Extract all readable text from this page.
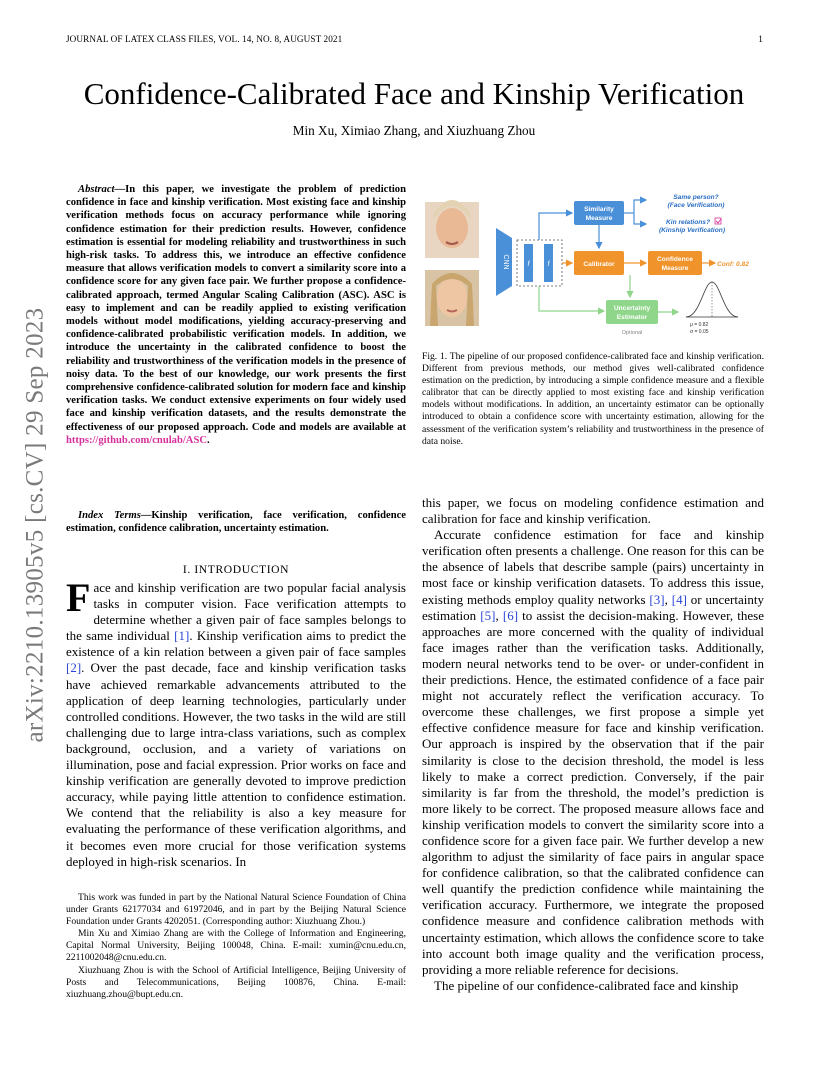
JOURNAL OF LATEX CLASS FILES, VOL. 14, NO. 8, AUGUST 2021	1
Confidence-Calibrated Face and Kinship Verification
Min Xu, Ximiao Zhang, and Xiuzhuang Zhou
arXiv:2210.13905v5 [cs.CV] 29 Sep 2023
Abstract—In this paper, we investigate the problem of prediction confidence in face and kinship verification. Most existing face and kinship verification methods focus on accuracy performance while ignoring confidence estimation for their prediction results. However, confidence estimation is essential for modeling reliability and trustworthiness in such high-risk tasks. To address this, we introduce an effective confidence measure that allows verification models to convert a similarity score into a confidence score for any given face pair. We further propose a confidence-calibrated approach, termed Angular Scaling Calibration (ASC). ASC is easy to implement and can be readily applied to existing verification models without model modifications, yielding accuracy-preserving and confidence-calibrated probabilistic verification models. In addition, we introduce the uncertainty in the calibrated confidence to boost the reliability and trustworthiness of the verification models in the presence of noisy data. To the best of our knowledge, our work presents the first comprehensive confidence-calibrated solution for modern face and kinship verification tasks. We conduct extensive experiments on four widely used face and kinship verification datasets, and the results demonstrate the effectiveness of our proposed approach. Code and models are available at https://github.com/cnulab/ASC.
Index Terms—Kinship verification, face verification, confidence estimation, confidence calibration, uncertainty estimation.
I. INTRODUCTION
Face and kinship verification are two popular facial analysis tasks in computer vision. Face verification attempts to determine whether a given pair of face samples belongs to the same individual [1]. Kinship verification aims to predict the existence of a kin relation between a given pair of face samples [2]. Over the past decade, face and kinship verification tasks have achieved remarkable advancements attributed to the application of deep learning technologies, particularly under controlled conditions. However, the two tasks in the wild are still challenging due to large intra-class variations, such as complex background, occlusion, and a variety of variations on illumination, pose and facial expression. Prior works on face and kinship verification are generally devoted to improve prediction accuracy, while paying little attention to confidence estimation. We contend that the reliability is also a key measure for evaluating the performance of these verification algorithms, and it becomes even more crucial for those verification systems deployed in high-risk scenarios. In

This work was funded in part by the National Natural Science Foundation of China under Grants 62177034 and 61972046, and in part by the Beijing Natural Science Foundation under Grants 4202051. (Corresponding author: Xiuzhuang Zhou.)

Min Xu and Ximiao Zhang are with the College of Information and Engineering, Capital Normal University, Beijing 100048, China. E-mail: xumin@cnu.edu.cn, 2211002048@cnu.edu.cn.

Xiuzhuang Zhou is with the School of Artificial Intelligence, Beijing University of Posts and Telecommunications, Beijing 100876, China. E-mail: xiuzhuang.zhou@bupt.edu.cn.

CNN	f	f
Similarity
Measure
Same person?
(Face Verification)
Kin relations?
(Kinship Verification)
Calibrator
Confidence
Measure
Conf: 0.82
Uncertainty
Estimator
Optional
μ = 0.82
σ = 0.05
Fig. 1. The pipeline of our proposed confidence-calibrated face and kinship verification. Different from previous methods, our method gives well-calibrated confidence estimation on the prediction, by introducing a simple confidence measure and a flexible calibrator that can be directly applied to most existing face and kinship verification models without modifications. In addition, an uncertainty estimator can be optionally introduced to obtain a confidence score with uncertainty estimation, allowing for the assessment of the verification system’s reliability and trustworthiness in the presence of data noise.

this paper, we focus on modeling confidence estimation and calibration for face and kinship verification.

Accurate confidence estimation for face and kinship verification often presents a challenge. One reason for this can be the absence of labels that describe sample (pairs) uncertainty in most face or kinship verification datasets. To address this issue, existing methods employ quality networks [3], [4] or uncertainty estimation [5], [6] to assist the decision-making. However, these approaches are more concerned with the quality of individual face images rather than the verification tasks. Additionally, modern neural networks tend to be over- or under-confident in their predictions. Hence, the estimated confidence of a face pair might not accurately reflect the verification accuracy. To overcome these challenges, we first propose a simple yet effective confidence measure for face and kinship verification. Our approach is inspired by the observation that if the pair similarity is close to the decision threshold, the model is less likely to make a correct prediction. Conversely, if the pair similarity is far from the threshold, the model’s prediction is more likely to be correct. The proposed measure allows face and kinship verification models to convert the similarity score into a confidence score for a given face pair. We further develop a new algorithm to adjust the similarity of face pairs in angular space for confidence calibration, so that the calibrated confidence can well quantify the prediction confidence while maintaining the verification accuracy. Furthermore, we integrate the proposed confidence measure and confidence calibration methods with uncertainty estimation, which allows the confidence score to take into account both image quality and the verification process, providing a more reliable reference for decisions.

The pipeline of our confidence-calibrated face and kinship
